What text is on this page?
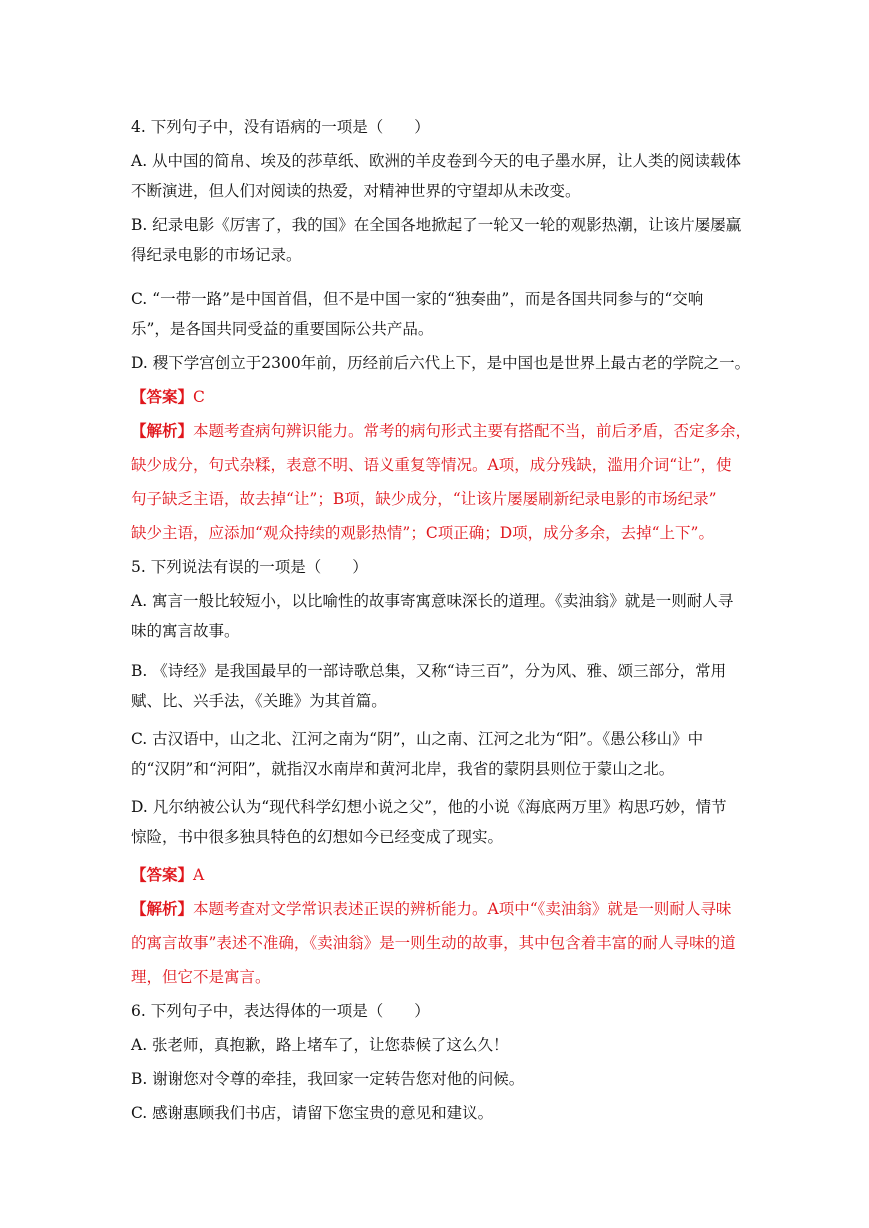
4. 下列句子中，没有语病的一项是（　　）
A. 从中国的简帛、埃及的莎草纸、欧洲的羊皮卷到今天的电子墨水屏，让人类的阅读载体
不断演进，但人们对阅读的热爱，对精神世界的守望却从未改变。
B. 纪录电影《厉害了，我的国》在全国各地掀起了一轮又一轮的观影热潮，让该片屡屡赢
得纪录电影的市场记录。
C. “一带一路”是中国首倡，但不是中国一家的“独奏曲”，而是各国共同参与的“交响
乐”，是各国共同受益的重要国际公共产品。
D. 稷下学宫创立于2300年前，历经前后六代上下，是中国也是世界上最古老的学院之一。
【答案】C
【解析】本题考查病句辨识能力。常考的病句形式主要有搭配不当，前后矛盾，否定多余，
缺少成分，句式杂糅，表意不明、语义重复等情况。A项，成分残缺，滥用介词“让”，使
句子缺乏主语，故去掉“让”；B项，缺少成分，“让该片屡屡刷新纪录电影的市场纪录”
缺少主语，应添加“观众持续的观影热情”；C项正确；D项，成分多余，去掉“上下”。
5. 下列说法有误的一项是（　　）
A. 寓言一般比较短小，以比喻性的故事寄寓意味深长的道理。《卖油翁》就是一则耐人寻
味的寓言故事。
B. 《诗经》是我国最早的一部诗歌总集，又称“诗三百”，分为风、雅、颂三部分，常用
赋、比、兴手法，《关雎》为其首篇。
C. 古汉语中，山之北、江河之南为“阴”，山之南、江河之北为“阳”。《愚公移山》中
的“汉阴”和“河阳”，就指汉水南岸和黄河北岸，我省的蒙阴县则位于蒙山之北。
D. 凡尔纳被公认为“现代科学幻想小说之父”，他的小说《海底两万里》构思巧妙，情节
惊险，书中很多独具特色的幻想如今已经变成了现实。
【答案】A
【解析】本题考查对文学常识表述正误的辨析能力。A项中“《卖油翁》就是一则耐人寻味
的寓言故事”表述不准确，《卖油翁》是一则生动的故事，其中包含着丰富的耐人寻味的道
理，但它不是寓言。
6. 下列句子中，表达得体的一项是（　　）
A. 张老师，真抱歉，路上堵车了，让您恭候了这么久！
B. 谢谢您对令尊的牵挂，我回家一定转告您对他的问候。
C. 感谢惠顾我们书店，请留下您宝贵的意见和建议。
